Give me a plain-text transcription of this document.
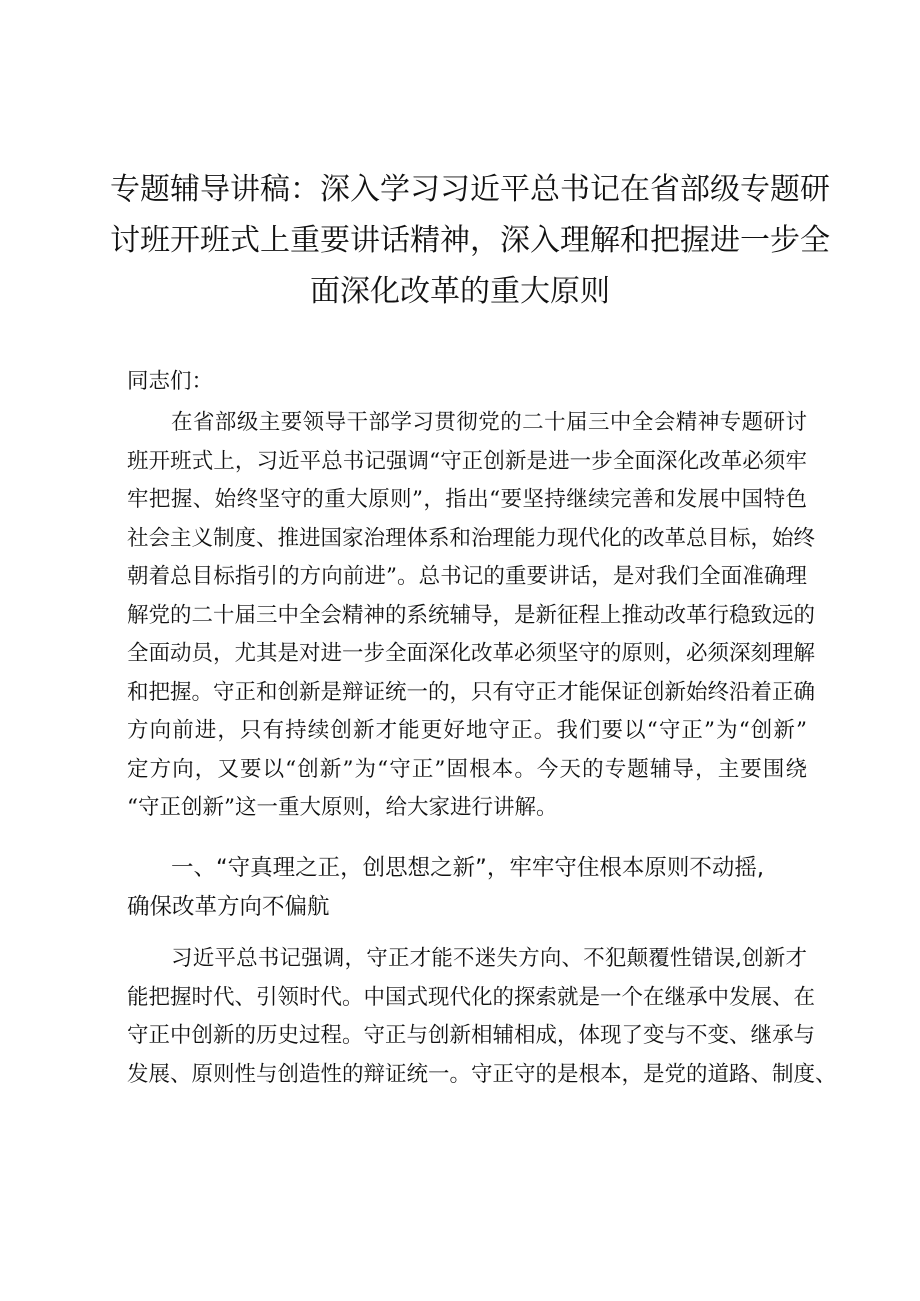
专题辅导讲稿：深入学习习近平总书记在省部级专题研
讨班开班式上重要讲话精神，深入理解和把握进一步全
面深化改革的重大原则

同志们：

在省部级主要领导干部学习贯彻党的二十届三中全会精神专题研讨
班开班式上，习近平总书记强调“守正创新是进一步全面深化改革必须牢
牢把握、始终坚守的重大原则”，指出“要坚持继续完善和发展中国特色
社会主义制度、推进国家治理体系和治理能力现代化的改革总目标，始终
朝着总目标指引的方向前进”。总书记的重要讲话，是对我们全面准确理
解党的二十届三中全会精神的系统辅导，是新征程上推动改革行稳致远的
全面动员，尤其是对进一步全面深化改革必须坚守的原则，必须深刻理解
和把握。守正和创新是辩证统一的，只有守正才能保证创新始终沿着正确
方向前进，只有持续创新才能更好地守正。我们要以“守正”为“创新”
定方向，又要以“创新”为“守正”固根本。今天的专题辅导，主要围绕
“守正创新”这一重大原则，给大家进行讲解。
一、“守真理之正，创思想之新”，牢牢守住根本原则不动摇,
确保改革方向不偏航
习近平总书记强调，守正才能不迷失方向、不犯颠覆性错误,创新才
能把握时代、引领时代。中国式现代化的探索就是一个在继承中发展、在
守正中创新的历史过程。守正与创新相辅相成，体现了变与不变、继承与
发展、原则性与创造性的辩证统一。守正守的是根本，是党的道路、制度、
